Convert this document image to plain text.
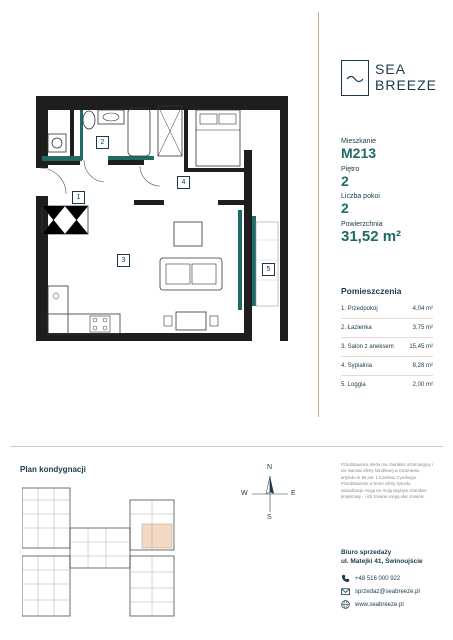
SEA
BREEZE
Mieszkanie
M213
Piętro
2
Liczba pokoi
2
Powierzchnia
31,52 m²
Pomieszczenia
1. Przedpokój	4,04 m²
2. Łazienka	3,75 m²
3. Salon z aneksem	15,45 m²
4. Sypialnia	8,28 m²
5. Loggia	2,00 m²
1
2
3
4
5
Plan kondygnacji	N
S
E
W
Przedstawiona oferta ma charakter informacyjny i nie stanowi oferty handlowej w rozumieniu artykułu nr 66 par. 1 Kodeksu Cywilnego. Przedstawione w treści oferty rysunki, wizualizacje mogą nie mają wiążące charakter projektowy - i ich zmianie mogą ulec zmianie.
Biuro sprzedaży
ul. Matejki 41, Świnoujście
+48 516 000 922
sprzedaz@seabreeze.pl
www.seabreeze.pl
